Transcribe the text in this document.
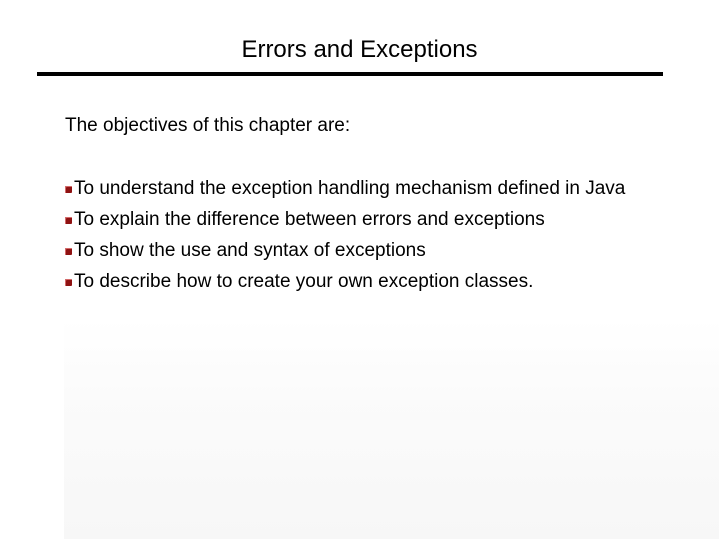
Errors and Exceptions
The objectives of this chapter are:
To understand the exception handling mechanism defined in Java
To explain the difference between errors and exceptions
To show the use and syntax of exceptions
To describe how to create your own exception classes.
